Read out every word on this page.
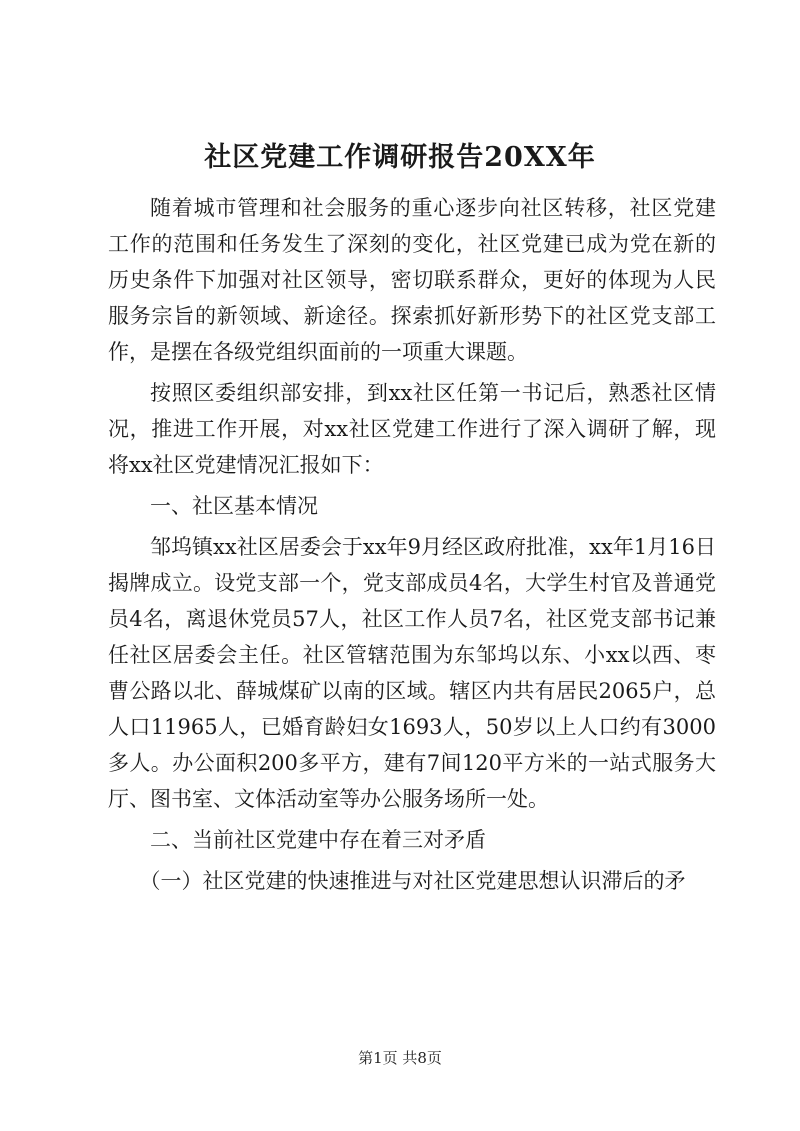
社区党建工作调研报告20XX年

随着城市管理和社会服务的重心逐步向社区转移，社区党建工作的范围和任务发生了深刻的变化，社区党建已成为党在新的历史条件下加强对社区领导，密切联系群众，更好的体现为人民服务宗旨的新领域、新途径。探索抓好新形势下的社区党支部工作，是摆在各级党组织面前的一项重大课题。

按照区委组织部安排，到xx社区任第一书记后，熟悉社区情况，推进工作开展，对xx社区党建工作进行了深入调研了解，现将xx社区党建情况汇报如下：

一、社区基本情况

邹坞镇xx社区居委会于xx年9月经区政府批准，xx年1月16日揭牌成立。设党支部一个，党支部成员4名，大学生村官及普通党员4名，离退休党员57人，社区工作人员7名，社区党支部书记兼任社区居委会主任。社区管辖范围为东邹坞以东、小xx以西、枣曹公路以北、薛城煤矿以南的区域。辖区内共有居民2065户，总人口11965人，已婚育龄妇女1693人，50岁以上人口约有3000多人。办公面积200多平方，建有7间120平方米的一站式服务大厅、图书室、文体活动室等办公服务场所一处。

二、当前社区党建中存在着三对矛盾

（一）社区党建的快速推进与对社区党建思想认识滞后的矛

第1页 共8页
